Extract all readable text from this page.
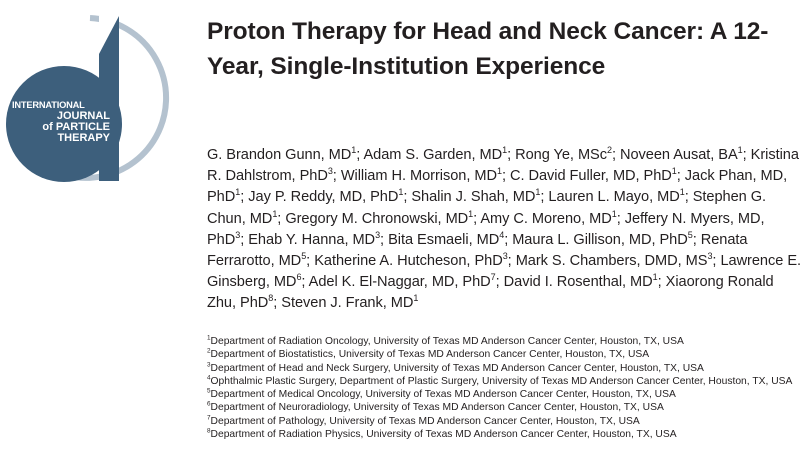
INTERNATIONAL
JOURNAL
of PARTICLE
THERAPY
Proton Therapy for Head and Neck Cancer: A 12-Year, Single-Institution Experience

G. Brandon Gunn, $MD^1$; Adam S. Garden, $MD^1$; Rong Ye, MSc$^2$; Noveen Ausat, $BA^1$; Kristina R. Dahlstrom, PhD$^3$; William H. Morrison, $MD^1$; C. David Fuller, MD, PhD$^1$; Jack Phan, MD, PhD$^1$; Jay P. Reddy, MD, PhD$^1$; Shalin J. Shah, $MD^1$; Lauren L. Mayo, $MD^1$; Stephen G. Chun, $MD^1$; Gregory M. Chronowski, $MD^1$; Amy C. Moreno, $MD^1$; Jeffery N. Myers, MD, PhD$^3$; Ehab Y. Hanna, $MD^3$; Bita Esmaeli, $MD^4$; Maura L. Gillison, MD, PhD$^5$; Renata Ferrarotto, $MD^5$; Katherine A. Hutcheson, PhD$^3$; Mark S. Chambers, DMD, $MS^3$; Lawrence E. Ginsberg, $MD^6$; Adel K. El-Naggar, MD, PhD$^7$; David I. Rosenthal, $MD^1$; Xiaorong Ronald Zhu, PhD$^8$; Steven J. Frank, $MD^1$

$^1$Department of Radiation Oncology, University of Texas MD Anderson Cancer Center, Houston, TX, USA
$^2$Department of Biostatistics, University of Texas MD Anderson Cancer Center, Houston, TX, USA
$^3$Department of Head and Neck Surgery, University of Texas MD Anderson Cancer Center, Houston, TX, USA
$^4$Ophthalmic Plastic Surgery, Department of Plastic Surgery, University of Texas MD Anderson Cancer Center, Houston, TX, USA
$^5$Department of Medical Oncology, University of Texas MD Anderson Cancer Center, Houston, TX, USA
$^6$Department of Neuroradiology, University of Texas MD Anderson Cancer Center, Houston, TX, USA
$^7$Department of Pathology, University of Texas MD Anderson Cancer Center, Houston, TX, USA
$^8$Department of Radiation Physics, University of Texas MD Anderson Cancer Center, Houston, TX, USA
